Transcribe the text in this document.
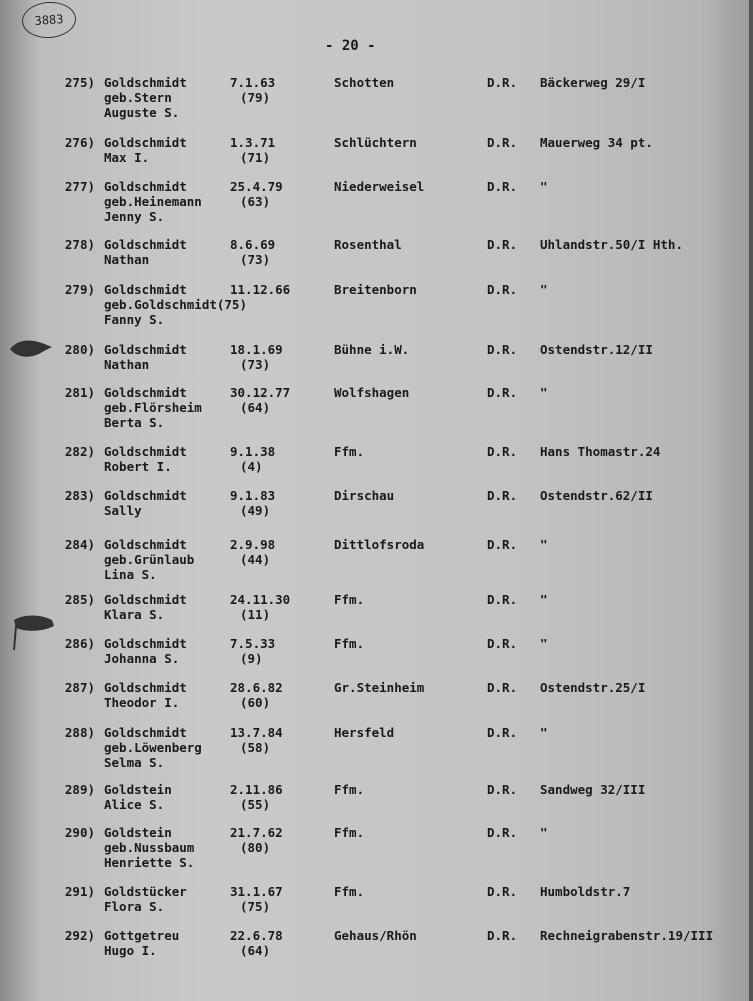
3883
- 20 -
275) Goldschmidt
geb.Stern
Auguste S.
7.1.63
(79)
Schotten	D.R. Bäckerweg 29/I
276) Goldschmidt
Max I.
1.3.71
(71)
Schlüchtern	D.R. Mauerweg 34 pt.
277) Goldschmidt
geb.Heinemann
Jenny S.
25.4.79
(63)
Niederweisel	D.R. "
278) Goldschmidt
Nathan
8.6.69
(73)
Rosenthal	D.R. Uhlandstr.50/I Hth.
279) Goldschmidt
geb.Goldschmidt(75)
Fanny S.
11.12.66	Breitenborn	D.R. "
280) Goldschmidt
Nathan
18.1.69
(73)
Bühne i.W.	D.R. Ostendstr.12/II
281) Goldschmidt
geb.Flörsheim
Berta S.
30.12.77
(64)
Wolfshagen	D.R. "
282) Goldschmidt
Robert I.
9.1.38
(4)
Ffm.	D.R. Hans Thomastr.24
283) Goldschmidt
Sally
9.1.83
(49)
Dirschau	D.R. Ostendstr.62/II
284) Goldschmidt
geb.Grünlaub
Lina S.
2.9.98
(44)
Dittlofsroda	D.R. "
285) Goldschmidt
Klara S.
24.11.30
(11)
Ffm.	D.R. "
286) Goldschmidt
Johanna S.
7.5.33
(9)
Ffm.	D.R. "
287) Goldschmidt
Theodor I.
28.6.82
(60)
Gr.Steinheim	D.R. Ostendstr.25/I
288) Goldschmidt
geb.Löwenberg
Selma S.
13.7.84
(58)
Hersfeld	D.R. "
289) Goldstein
Alice S.
2.11.86
(55)
Ffm.	D.R. Sandweg 32/III
290) Goldstein
geb.Nussbaum
Henriette S.
21.7.62
(80)
Ffm.	D.R. "
291) Goldstücker
Flora S.
31.1.67
(75)
Ffm.	D.R. Humboldstr.7
292) Gottgetreu
Hugo I.
22.6.78
(64)
Gehaus/Rhön	D.R. Rechneigrabenstr.19/III
